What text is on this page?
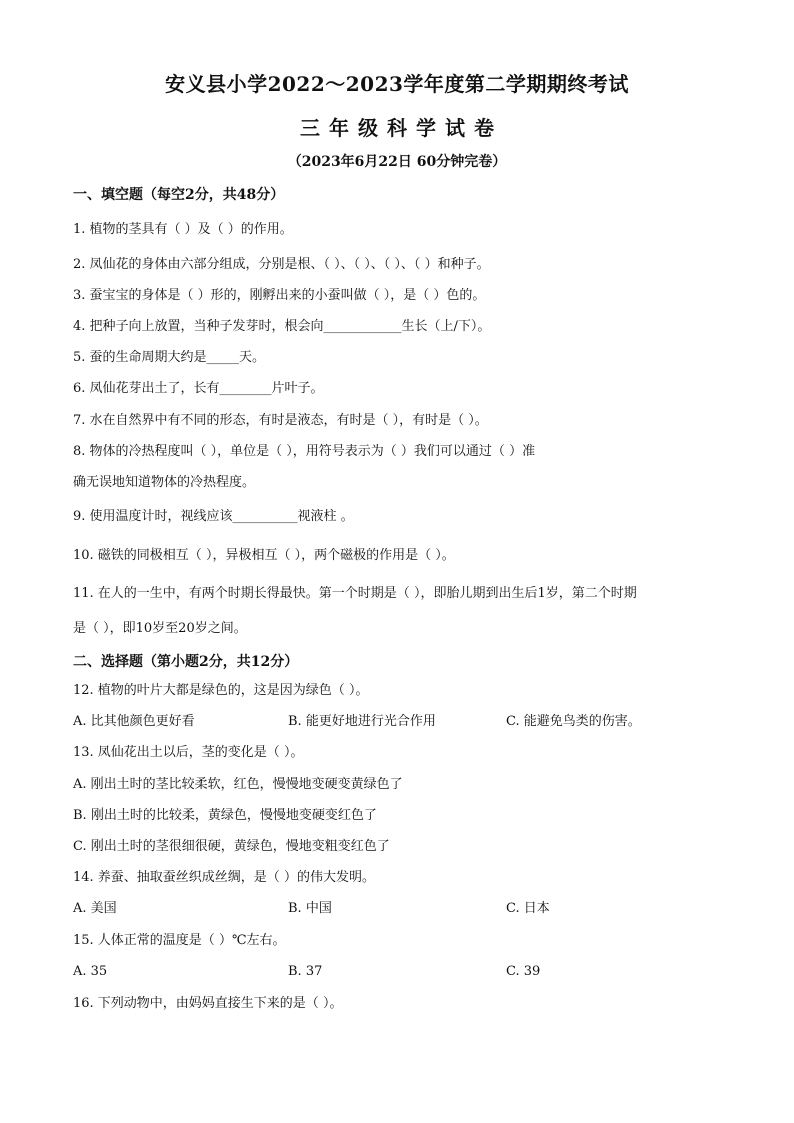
安义县小学2022～2023学年度第二学期期终考试
三年级科学试卷
（2023年6月22日 60分钟完卷）
一、填空题（每空2分，共48分）
1. 植物的茎具有（ ）及（ ）的作用。
2. 凤仙花的身体由六部分组成，分别是根、（ ）、（ ）、（ ）、（ ）和种子。
3. 蚕宝宝的身体是（ ）形的，刚孵出来的小蚕叫做（ ），是（ ）色的。
4. 把种子向上放置，当种子发芽时，根会向____________生长（上/下）。
5. 蚕的生命周期大约是_____天。
6. 凤仙花芽出土了，长有________片叶子。
7. 水在自然界中有不同的形态，有时是液态，有时是（ ），有时是（ ）。
8. 物体的冷热程度叫（ ），单位是（ ），用符号表示为（ ）我们可以通过（ ）准
确无误地知道物体的冷热程度。
9. 使用温度计时，视线应该__________视液柱 。
10. 磁铁的同极相互（ ），异极相互（ ），两个磁极的作用是（ ）。
11. 在人的一生中，有两个时期长得最快。第一个时期是（ ），即胎儿期到出生后1岁，第二个时期
是（ ），即10岁至20岁之间。
二、选择题（第小题2分，共12分）
12. 植物的叶片大都是绿色的，这是因为绿色（ ）。
A. 比其他颜色更好看	B. 能更好地进行光合作用	C. 能避免鸟类的伤害。
13. 凤仙花出土以后，茎的变化是（ ）。
A. 刚出土时的茎比较柔软，红色，慢慢地变硬变黄绿色了
B. 刚出土时的比较柔，黄绿色，慢慢地变硬变红色了
C. 刚出土时的茎很细很硬，黄绿色，慢地变粗变红色了
14. 养蚕、抽取蚕丝织成丝绸，是（ ）的伟大发明。
A. 美国	B. 中国	C. 日本
15. 人体正常的温度是（ ）℃左右。
A. 35	B. 37	C. 39
16. 下列动物中，由妈妈直接生下来的是（ ）。
